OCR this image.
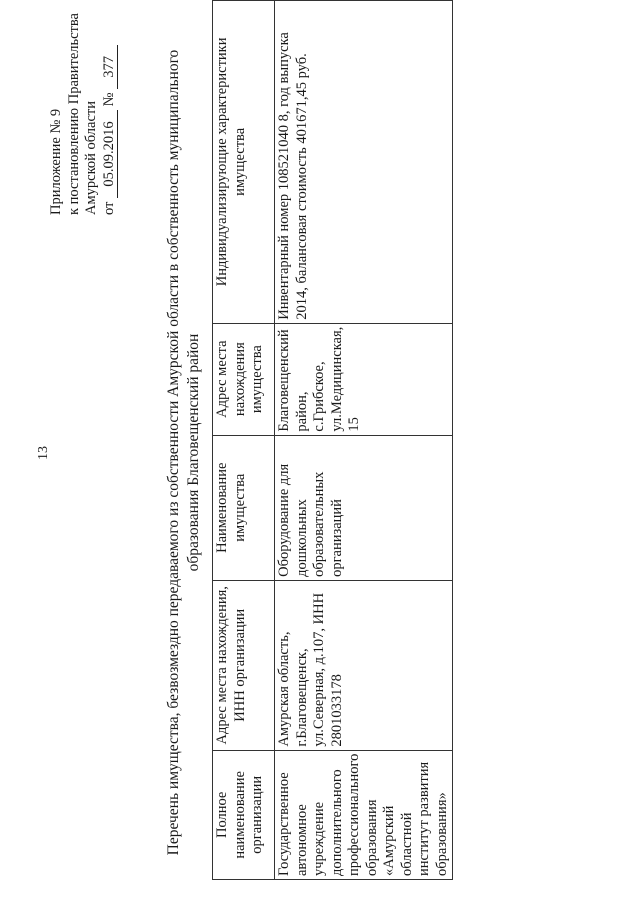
13
Приложение № 9 к постановлению Правительства Амурской области от 05.09.2016 № 377	Перечень имущества, безвозмездно передаваемого из собственности Амурской области в собственность муниципального образования Благовещенский район
Полное наименование организации	Адрес места нахождения, ИНН организации	Наименование имущества	Адрес места нахождения имущества	Индивидуализирующие характеристики имущества
Государственное автономное учреждение дополнительного профессионального образования «Амурский областной институт развития образования»	Амурская область, г.Благовещенск, ул.Северная, д.107, ИНН 2801033178	Оборудование для дошкольных образовательных организаций	Благовещенский район, с.Грибское, ул.Медицинская, 15	Инвентарный номер 108521040 8, год выпуска 2014, балансовая стоимость 401671,45 руб.
